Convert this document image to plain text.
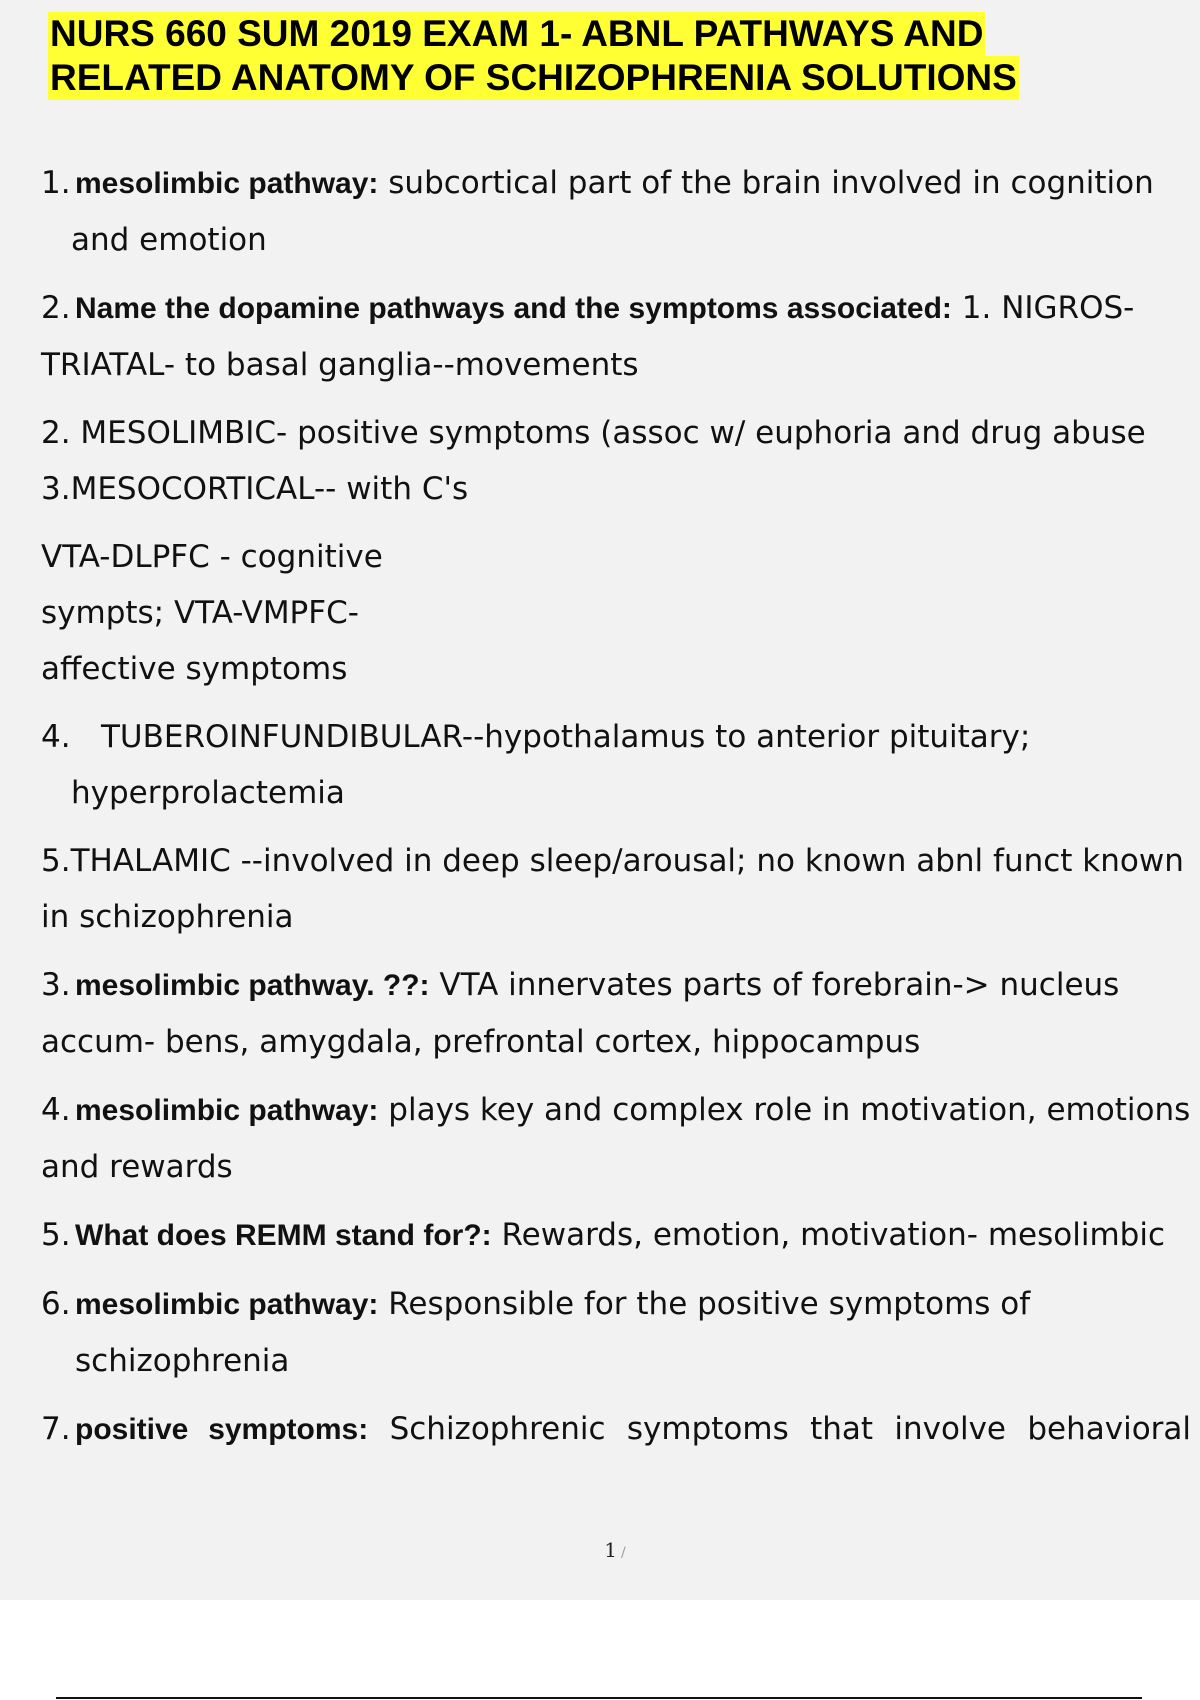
NURS 660 SUM 2019 EXAM 1- ABNL PATHWAYS AND
RELATED ANATOMY OF SCHIZOPHRENIA SOLUTIONS

1. mesolimbic pathway: subcortical part of the brain involved in cognition and emotion

2. Name the dopamine pathways and the symptoms associated: 1. NIGROS- TRIATAL- to basal ganglia--movements

2. MESOLIMBIC- positive symptoms (assoc w/ euphoria and drug abuse 3.MESOCORTICAL-- with C's

VTA-DLPFC - cognitive
sympts; VTA-VMPFC-
affective symptoms

4. TUBEROINFUNDIBULAR--hypothalamus to anterior pituitary; hyperprolactemia

5.THALAMIC --involved in deep sleep/arousal; no known abnl funct known in schizophrenia

3. mesolimbic pathway. ??: VTA innervates parts of forebrain-> nucleus accum- bens, amygdala, prefrontal cortex, hippocampus

4. mesolimbic pathway: plays key and complex role in motivation, emotions and rewards

5. What does REMM stand for?: Rewards, emotion, motivation- mesolimbic

6. mesolimbic pathway: Responsible for the positive symptoms of schizophrenia

7. positive symptoms: Schizophrenic symptoms that involve behavioral

1 /
